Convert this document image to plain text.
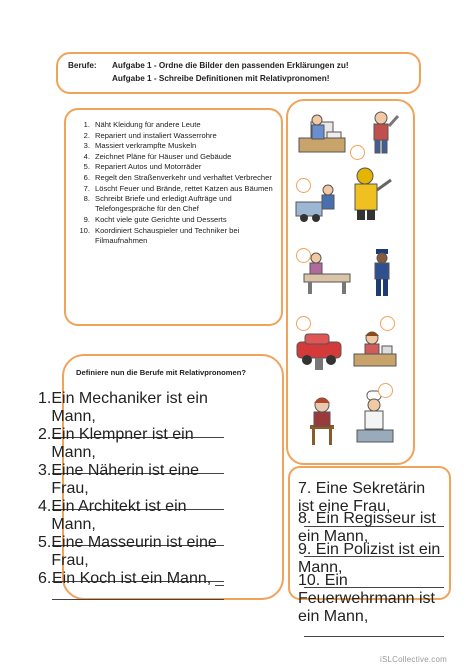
Berufe:	Aufgabe 1 - Ordne die Bilder den passenden Erklärungen zu!
Aufgabe 1 - Schreibe Definitionen mit Relativpronomen!
1. Näht Kleidung für andere Leute
2. Repariert und instaliert Wasserrohre
3. Massiert verkrampfte Muskeln
4. Zeichnet Pläne für Häuser und Gebäude
5. Repariert Autos und Motorräder
6. Regelt den Straßenverkehr und verhaftet Verbrecher
7. Löscht Feuer und Brände, rettet Katzen aus Bäumen
8. Schreibt Briefe und erledigt Aufträge und Telefongespräche für den Chef
9. Kocht viele gute Gerichte und Desserts
10. Koordiniert Schauspieler und Techniker bei Filmaufnahmen
Definiere nun die Berufe mit Relativpronomen?
1. Ein Mechaniker ist ein Mann,
2. Ein Klempner ist ein Mann,
3. Eine Näherin ist eine Frau,
4. Ein Architekt ist ein Mann,
5. Eine Masseurin ist eine Frau,
6. Ein Koch ist ein Mann,
7. Eine Sekretärin ist eine Frau,
8. Ein Regisseur ist ein Mann,
9. Ein Polizist ist ein Mann,
10. Ein Feuerwehrmann ist ein Mann,
iSLCollective.com
